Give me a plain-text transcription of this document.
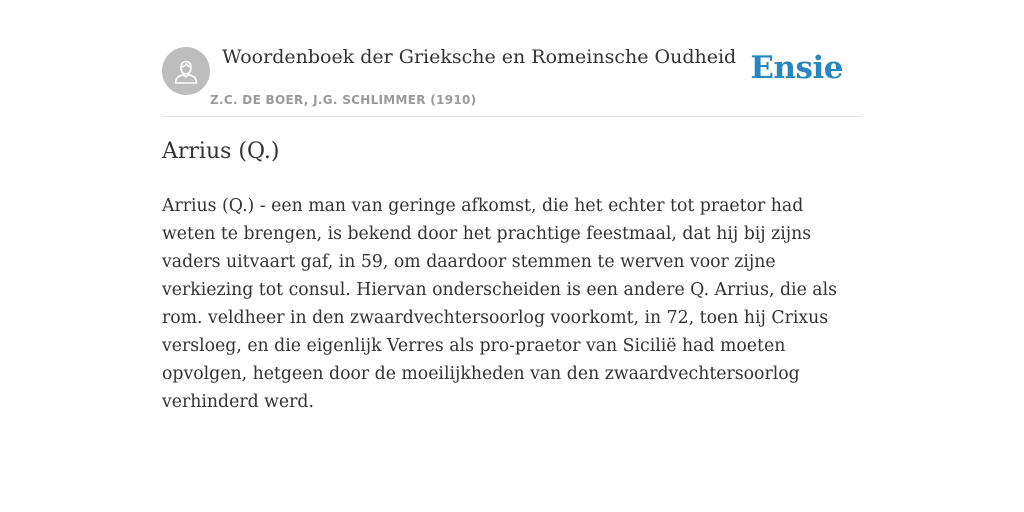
Woordenboek der Grieksche en Romeinsche Oudheid
Z.C. DE BOER, J.G. SCHLIMMER (1910)
Ensie
Arrius (Q.)

Arrius (Q.) - een man van geringe afkomst, die het echter tot praetor had weten te brengen, is bekend door het prachtige feestmaal, dat hij bij zijns vaders uitvaart gaf, in 59, om daardoor stemmen te werven voor zijne verkiezing tot consul. Hiervan onderscheiden is een andere Q. Arrius, die als rom. veldheer in den zwaardvechtersoorlog voorkomt, in 72, toen hij Crixus versloeg, en die eigenlijk Verres als pro-praetor van Sicilië had moeten opvolgen, hetgeen door de moeilijkheden van den zwaardvechtersoorlog verhinderd werd.
